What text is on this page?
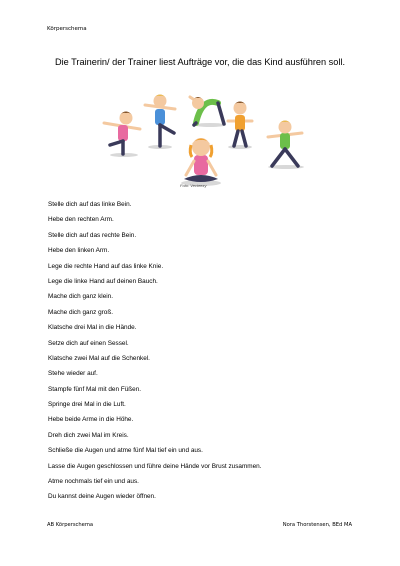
Körperschema
Die Trainerin/ der Trainer liest Aufträge vor, die das Kind ausführen soll.
Foto: Vecteezy
Stelle dich auf das linke Bein.
Hebe den rechten Arm.
Stelle dich auf das rechte Bein.
Hebe den linken Arm.
Lege die rechte Hand auf das linke Knie.
Lege die linke Hand auf deinen Bauch.
Mache dich ganz klein.
Mache dich ganz groß.
Klatsche drei Mal in die Hände.
Setze dich auf einen Sessel.
Klatsche zwei Mal auf die Schenkel.
Stehe wieder auf.
Stampfe fünf Mal mit den Füßen.
Springe drei Mal in die Luft.
Hebe beide Arme in die Höhe.
Dreh dich zwei Mal im Kreis.
Schließe die Augen und atme fünf Mal tief ein und aus.
Lasse die Augen geschlossen und führe deine Hände vor Brust zusammen.
Atme nochmals tief ein und aus.
Du kannst deine Augen wieder öffnen.
AB Körperschema	Nora Thorstensen, BEd MA
